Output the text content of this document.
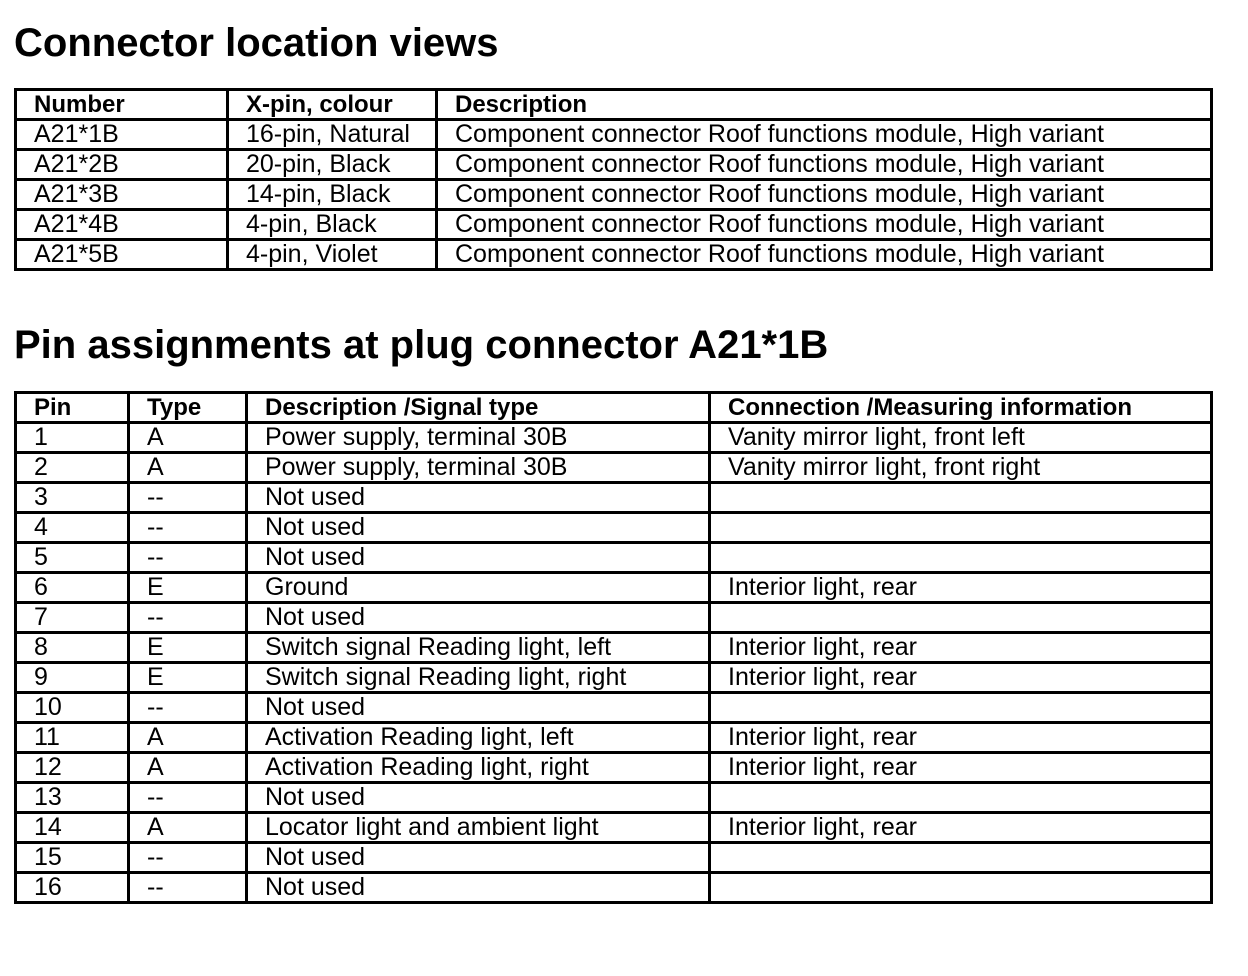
Connector location views
Number	X-pin, colour	Description
A21*1B	16-pin, Natural	Component connector Roof functions module, High variant
A21*2B	20-pin, Black	Component connector Roof functions module, High variant
A21*3B	14-pin, Black	Component connector Roof functions module, High variant
A21*4B	4-pin, Black	Component connector Roof functions module, High variant
A21*5B	4-pin, Violet	Component connector Roof functions module, High variant
Pin assignments at plug connector A21*1B
Pin	Type	Description /Signal type	Connection /Measuring information
1	A	Power supply, terminal 30B	Vanity mirror light, front left
2	A	Power supply, terminal 30B	Vanity mirror light, front right
3	--	Not used	
4	--	Not used	
5	--	Not used	
6	E	Ground	Interior light, rear
7	--	Not used	
8	E	Switch signal Reading light, left	Interior light, rear
9	E	Switch signal Reading light, right	Interior light, rear
10	--	Not used	
11	A	Activation Reading light, left	Interior light, rear
12	A	Activation Reading light, right	Interior light, rear
13	--	Not used	
14	A	Locator light and ambient light	Interior light, rear
15	--	Not used	
16	--	Not used	
